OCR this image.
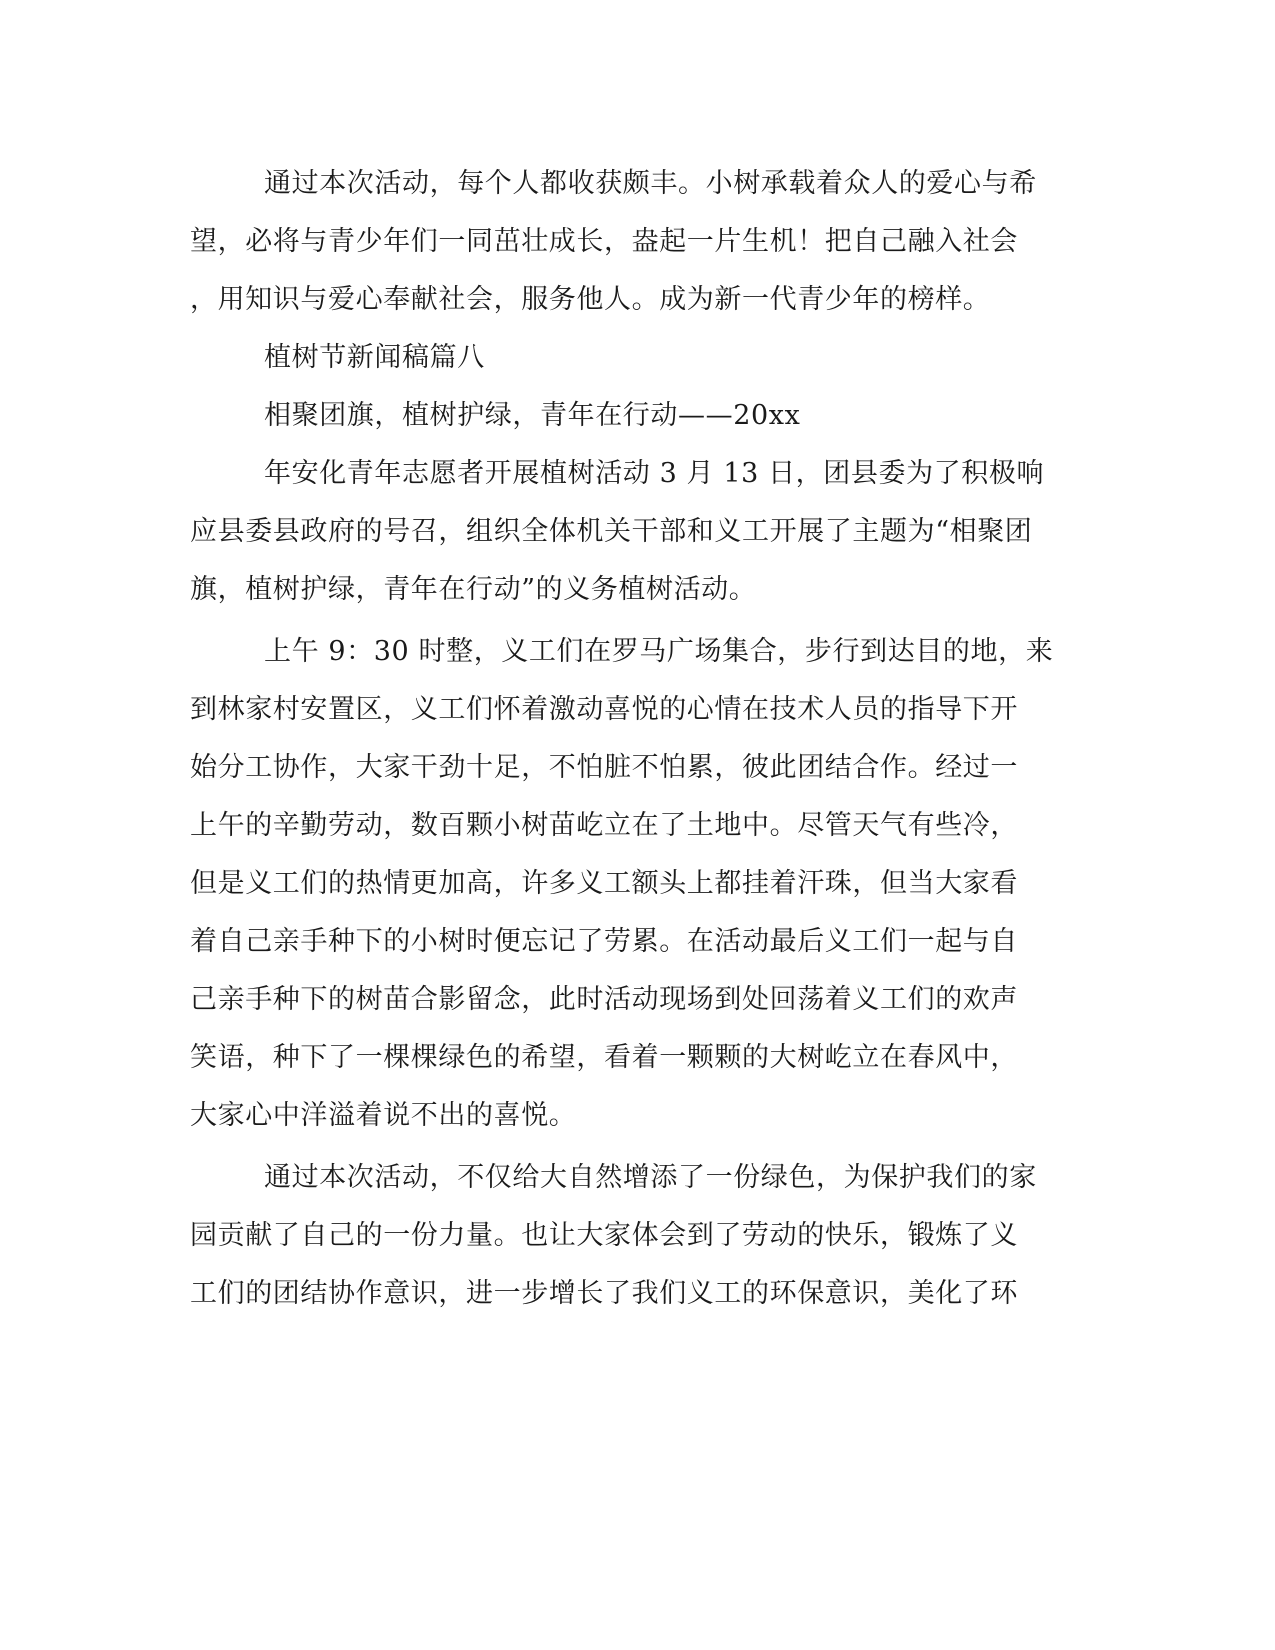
通过本次活动，每个人都收获颇丰。小树承载着众人的爱心与希

望，必将与青少年们一同茁壮成长，盎起一片生机！把自己融入社会

，用知识与爱心奉献社会，服务他人。成为新一代青少年的榜样。

植树节新闻稿篇八

相聚团旗，植树护绿，青年在行动——20xx

年安化青年志愿者开展植树活动 3 月 13 日，团县委为了积极响

应县委县政府的号召，组织全体机关干部和义工开展了主题为“相聚团

旗，植树护绿，青年在行动”的义务植树活动。

上午 9：30 时整，义工们在罗马广场集合，步行到达目的地，来

到林家村安置区，义工们怀着激动喜悦的心情在技术人员的指导下开

始分工协作，大家干劲十足，不怕脏不怕累，彼此团结合作。经过一

上午的辛勤劳动，数百颗小树苗屹立在了土地中。尽管天气有些冷，

但是义工们的热情更加高，许多义工额头上都挂着汗珠，但当大家看

着自己亲手种下的小树时便忘记了劳累。在活动最后义工们一起与自

己亲手种下的树苗合影留念，此时活动现场到处回荡着义工们的欢声

笑语，种下了一棵棵绿色的希望，看着一颗颗的大树屹立在春风中，

大家心中洋溢着说不出的喜悦。

通过本次活动，不仅给大自然增添了一份绿色，为保护我们的家

园贡献了自己的一份力量。也让大家体会到了劳动的快乐，锻炼了义

工们的团结协作意识，进一步增长了我们义工的环保意识，美化了环
